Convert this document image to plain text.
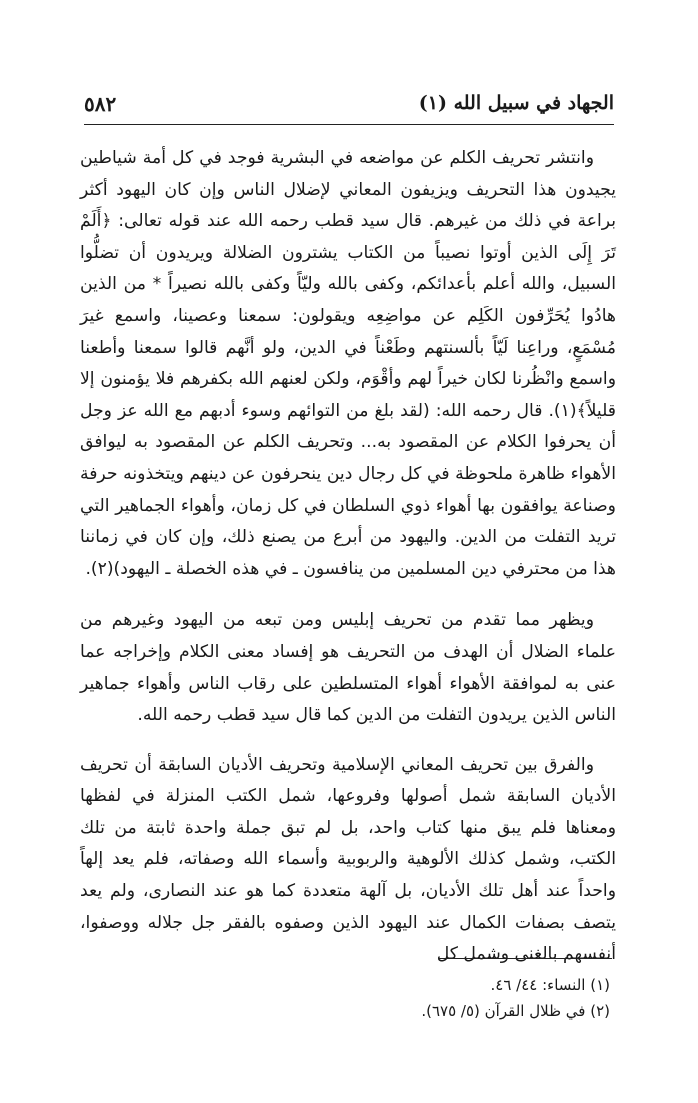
٥٨٢	الجهاد في سبيل الله (١)

وانتشر تحريف الكلم عن مواضعه في البشرية فوجد في كل أمة شياطين يجيدون هذا التحريف ويزيفون المعاني لإضلال الناس وإن كان اليهود أكثر براعة في ذلك من غيرهم. قال سيد قطب رحمه الله عند قوله تعالى: ﴿أَلَمْ تَرَ إِلَى الذين أوتوا نصيباً من الكتاب يشترون الضلالة ويريدون أن تضلُّوا السبيل، والله أعلم بأعدائكم، وكفى بالله وليّاً وكفى بالله نصيراً * من الذين هادُوا يُحَرِّفون الكَلِم عن مواضِعِه ويقولون: سمعنا وعصينا، واسمع غيرَ مُسْمَعٍ، وراعِنا لَيّاً بألسنتهم وطَعْناً في الدين، ولو أنَّهم قالوا سمعنا وأطعنا واسمع وانْظُرنا لكان خيراً لهم وأقْوَم، ولكن لعنهم الله بكفرهم فلا يؤمنون إلا قليلاً﴾(١). قال رحمه الله: (لقد بلغ من التوائهم وسوء أدبهم مع الله عز وجل أن يحرفوا الكلام عن المقصود به... وتحريف الكلم عن المقصود به ليوافق الأهواء ظاهرة ملحوظة في كل رجال دين ينحرفون عن دينهم ويتخذونه حرفة وصناعة يوافقون بها أهواء ذوي السلطان في كل زمان، وأهواء الجماهير التي تريد التفلت من الدين. واليهود من أبرع من يصنع ذلك، وإن كان في زماننا هذا من محترفي دين المسلمين من ينافسون ـ في هذه الخصلة ـ اليهود)(٢).

ويظهر مما تقدم من تحريف إبليس ومن تبعه من اليهود وغيرهم من علماء الضلال أن الهدف من التحريف هو إفساد معنى الكلام وإخراجه عما عنى به لموافقة الأهواء أهواء المتسلطين على رقاب الناس وأهواء جماهير الناس الذين يريدون التفلت من الدين كما قال سيد قطب رحمه الله.

والفرق بين تحريف المعاني الإسلامية وتحريف الأديان السابقة أن تحريف الأديان السابقة شمل أصولها وفروعها، شمل الكتب المنزلة في لفظها ومعناها فلم يبق منها كتاب واحد، بل لم تبق جملة واحدة ثابتة من تلك الكتب، وشمل كذلك الألوهية والربوبية وأسماء الله وصفاته، فلم يعد إلهاً واحداً عند أهل تلك الأديان، بل آلهة متعددة كما هو عند النصارى، ولم يعد يتصف بصفات الكمال عند اليهود الذين وصفوه بالفقر جل جلاله ووصفوا، أنفسهم بالغنى وشمل كل

(١) النساء: ٤٤/ ٤٦.
(٢) في ظلال القرآن (٥/ ٦٧٥).
